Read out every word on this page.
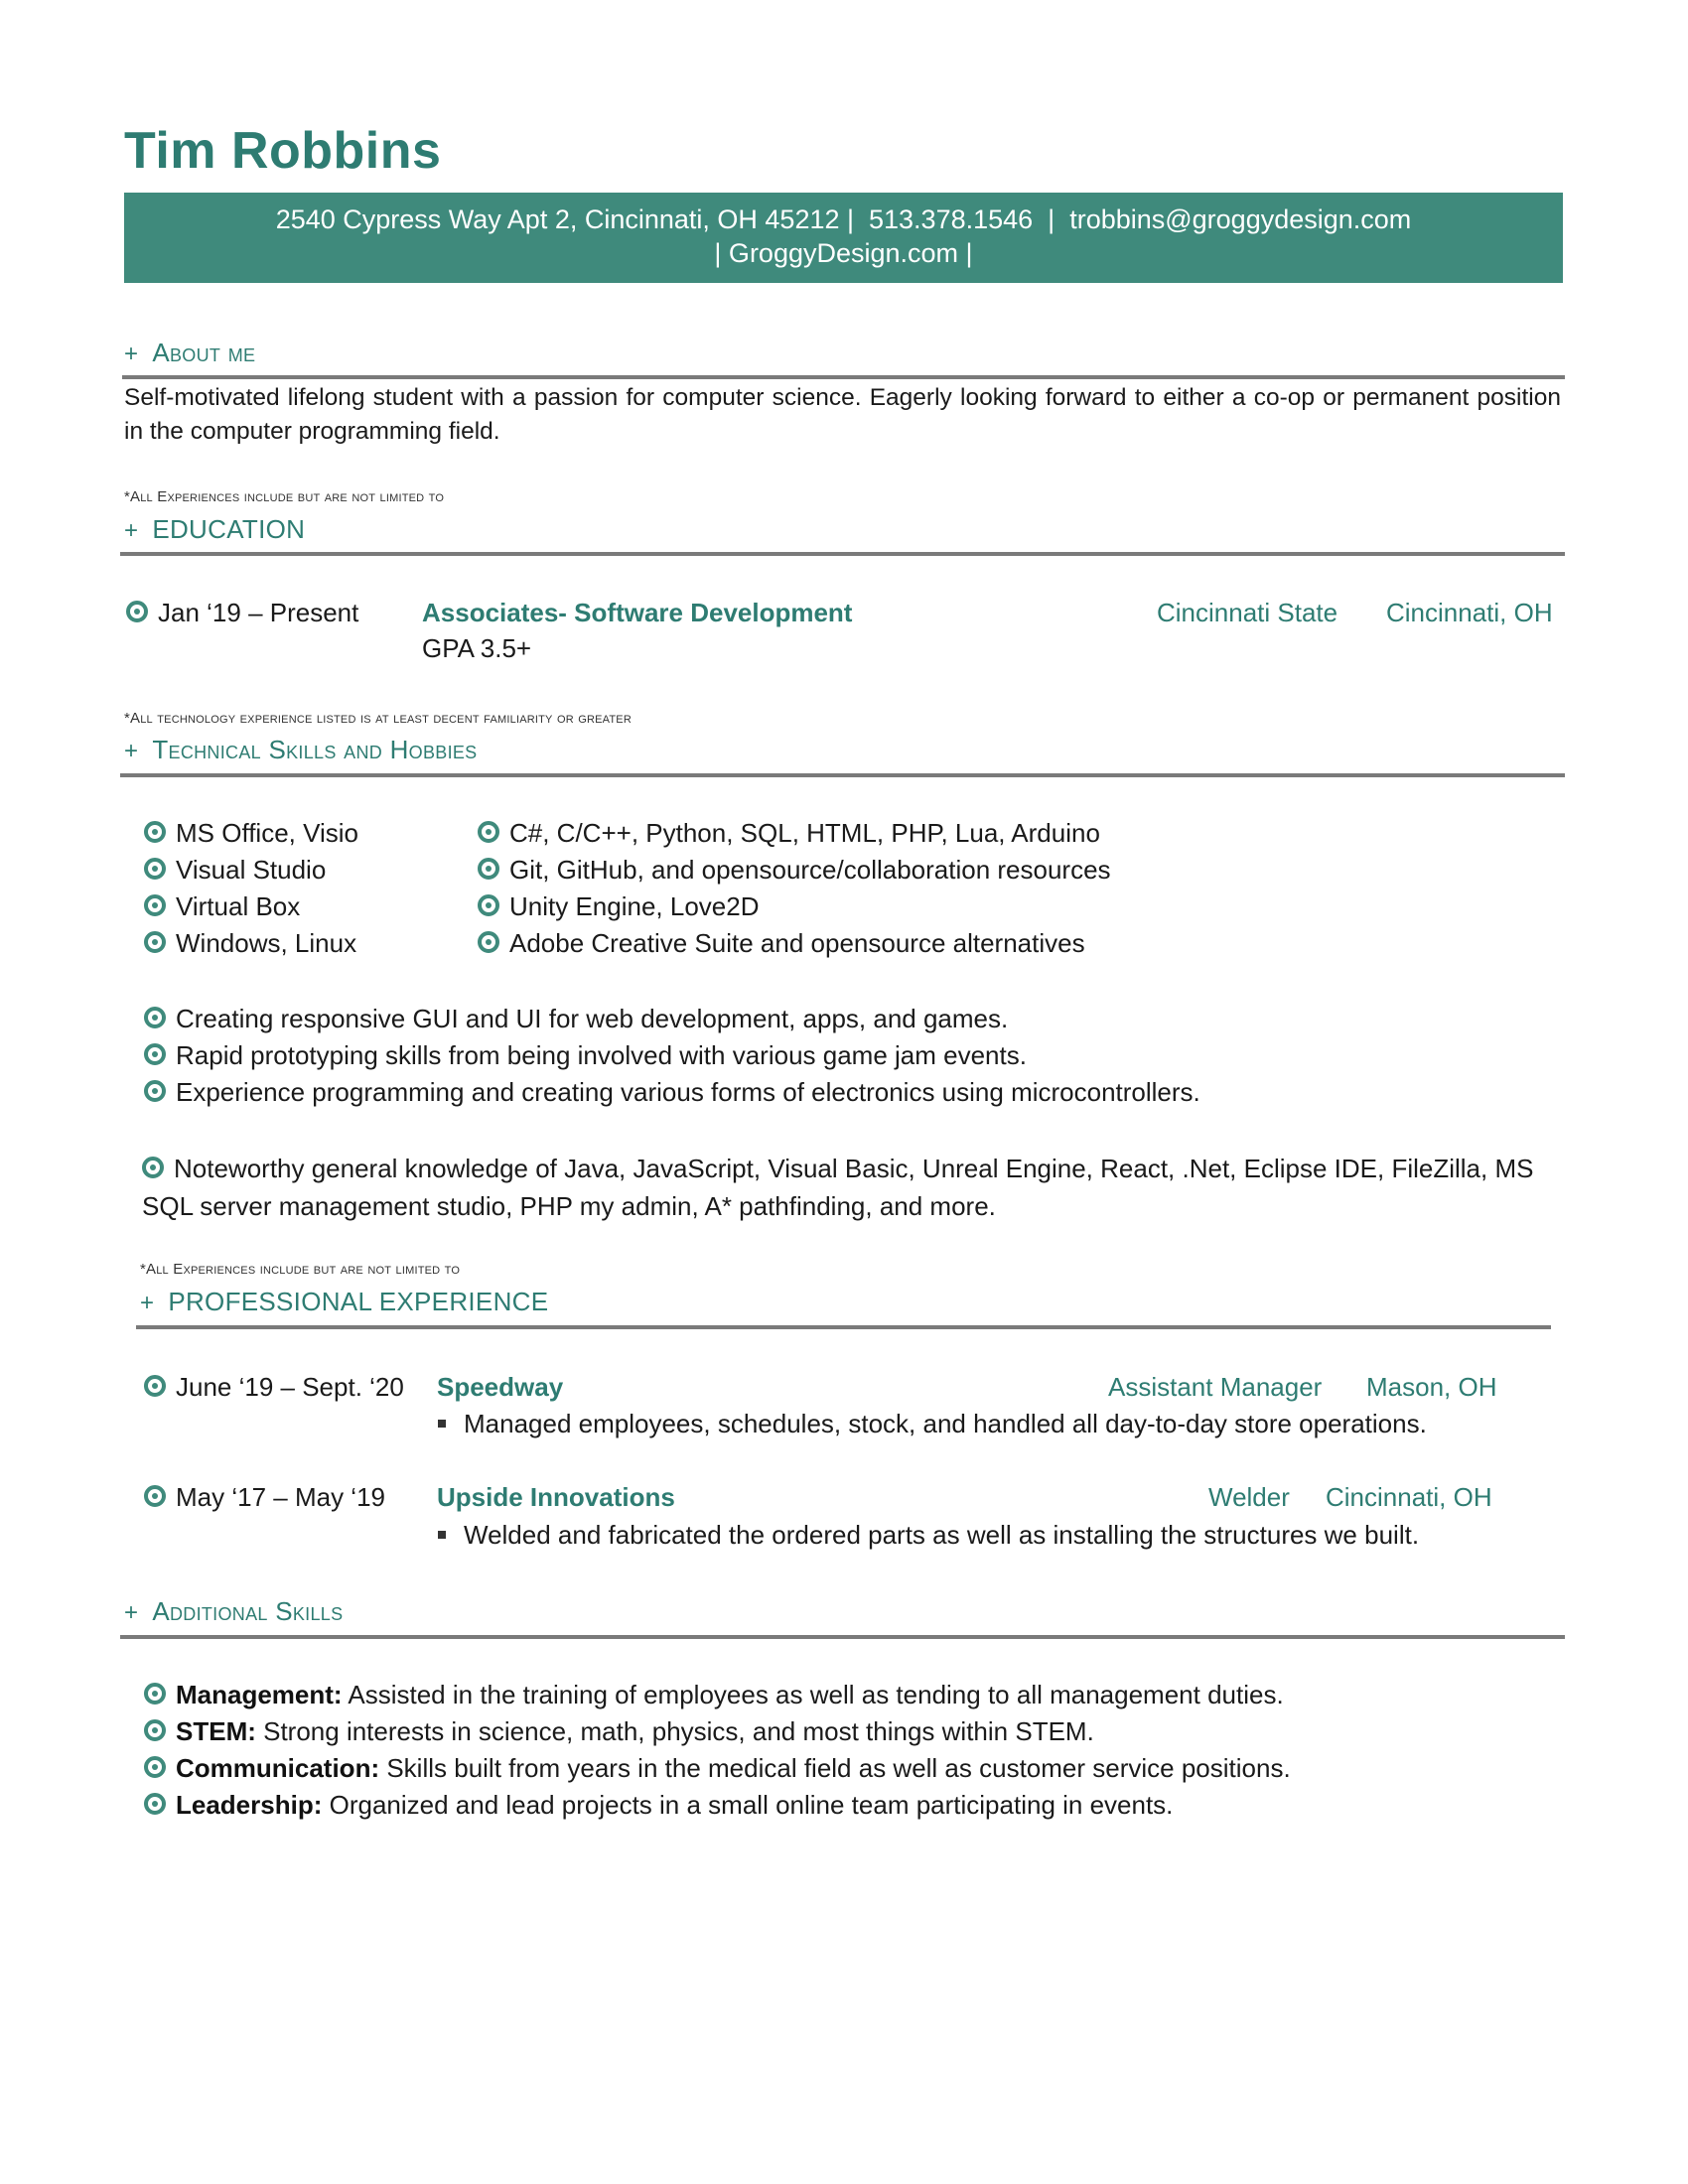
Tim Robbins
2540 Cypress Way Apt 2, Cincinnati, OH 45212 |  513.378.1546  |  trobbins@groggydesign.com
| GroggyDesign.com |
+ About me
Self-motivated lifelong student with a passion for computer science. Eagerly looking forward to either a co-op or permanent position in the computer programming field.
*All Experiences include but are not limited to
+ EDUCATION
Jan ‘19 – Present Associates- Software Development
GPA 3.5+
Cincinnati State Cincinnati, OH
*All technology experience listed is at least decent familiarity or greater
+ Technical Skills and Hobbies
MS Office, Visio
Visual Studio
Virtual Box
Windows, Linux
C#, C/C++, Python, SQL, HTML, PHP, Lua, Arduino
Git, GitHub, and opensource/collaboration resources
Unity Engine, Love2D
Adobe Creative Suite and opensource alternatives
Creating responsive GUI and UI for web development, apps, and games.
Rapid prototyping skills from being involved with various game jam events.
Experience programming and creating various forms of electronics using microcontrollers.
Noteworthy general knowledge of Java, JavaScript, Visual Basic, Unreal Engine, React, .Net, Eclipse IDE, FileZilla, MS SQL server management studio, PHP my admin, A* pathfinding, and more.
*All Experiences include but are not limited to
+ PROFESSIONAL EXPERIENCE
June ‘19 – Sept. ‘20 Speedway	Assistant Manager Mason, OH
Managed employees, schedules, stock, and handled all day-to-day store operations.
May ‘17 – May ‘19 Upside Innovations	Welder Cincinnati, OH
Welded and fabricated the ordered parts as well as installing the structures we built.
+ Additional Skills
Management: Assisted in the training of employees as well as tending to all management duties.
STEM: Strong interests in science, math, physics, and most things within STEM.
Communication: Skills built from years in the medical field as well as customer service positions.
Leadership: Organized and lead projects in a small online team participating in events.
